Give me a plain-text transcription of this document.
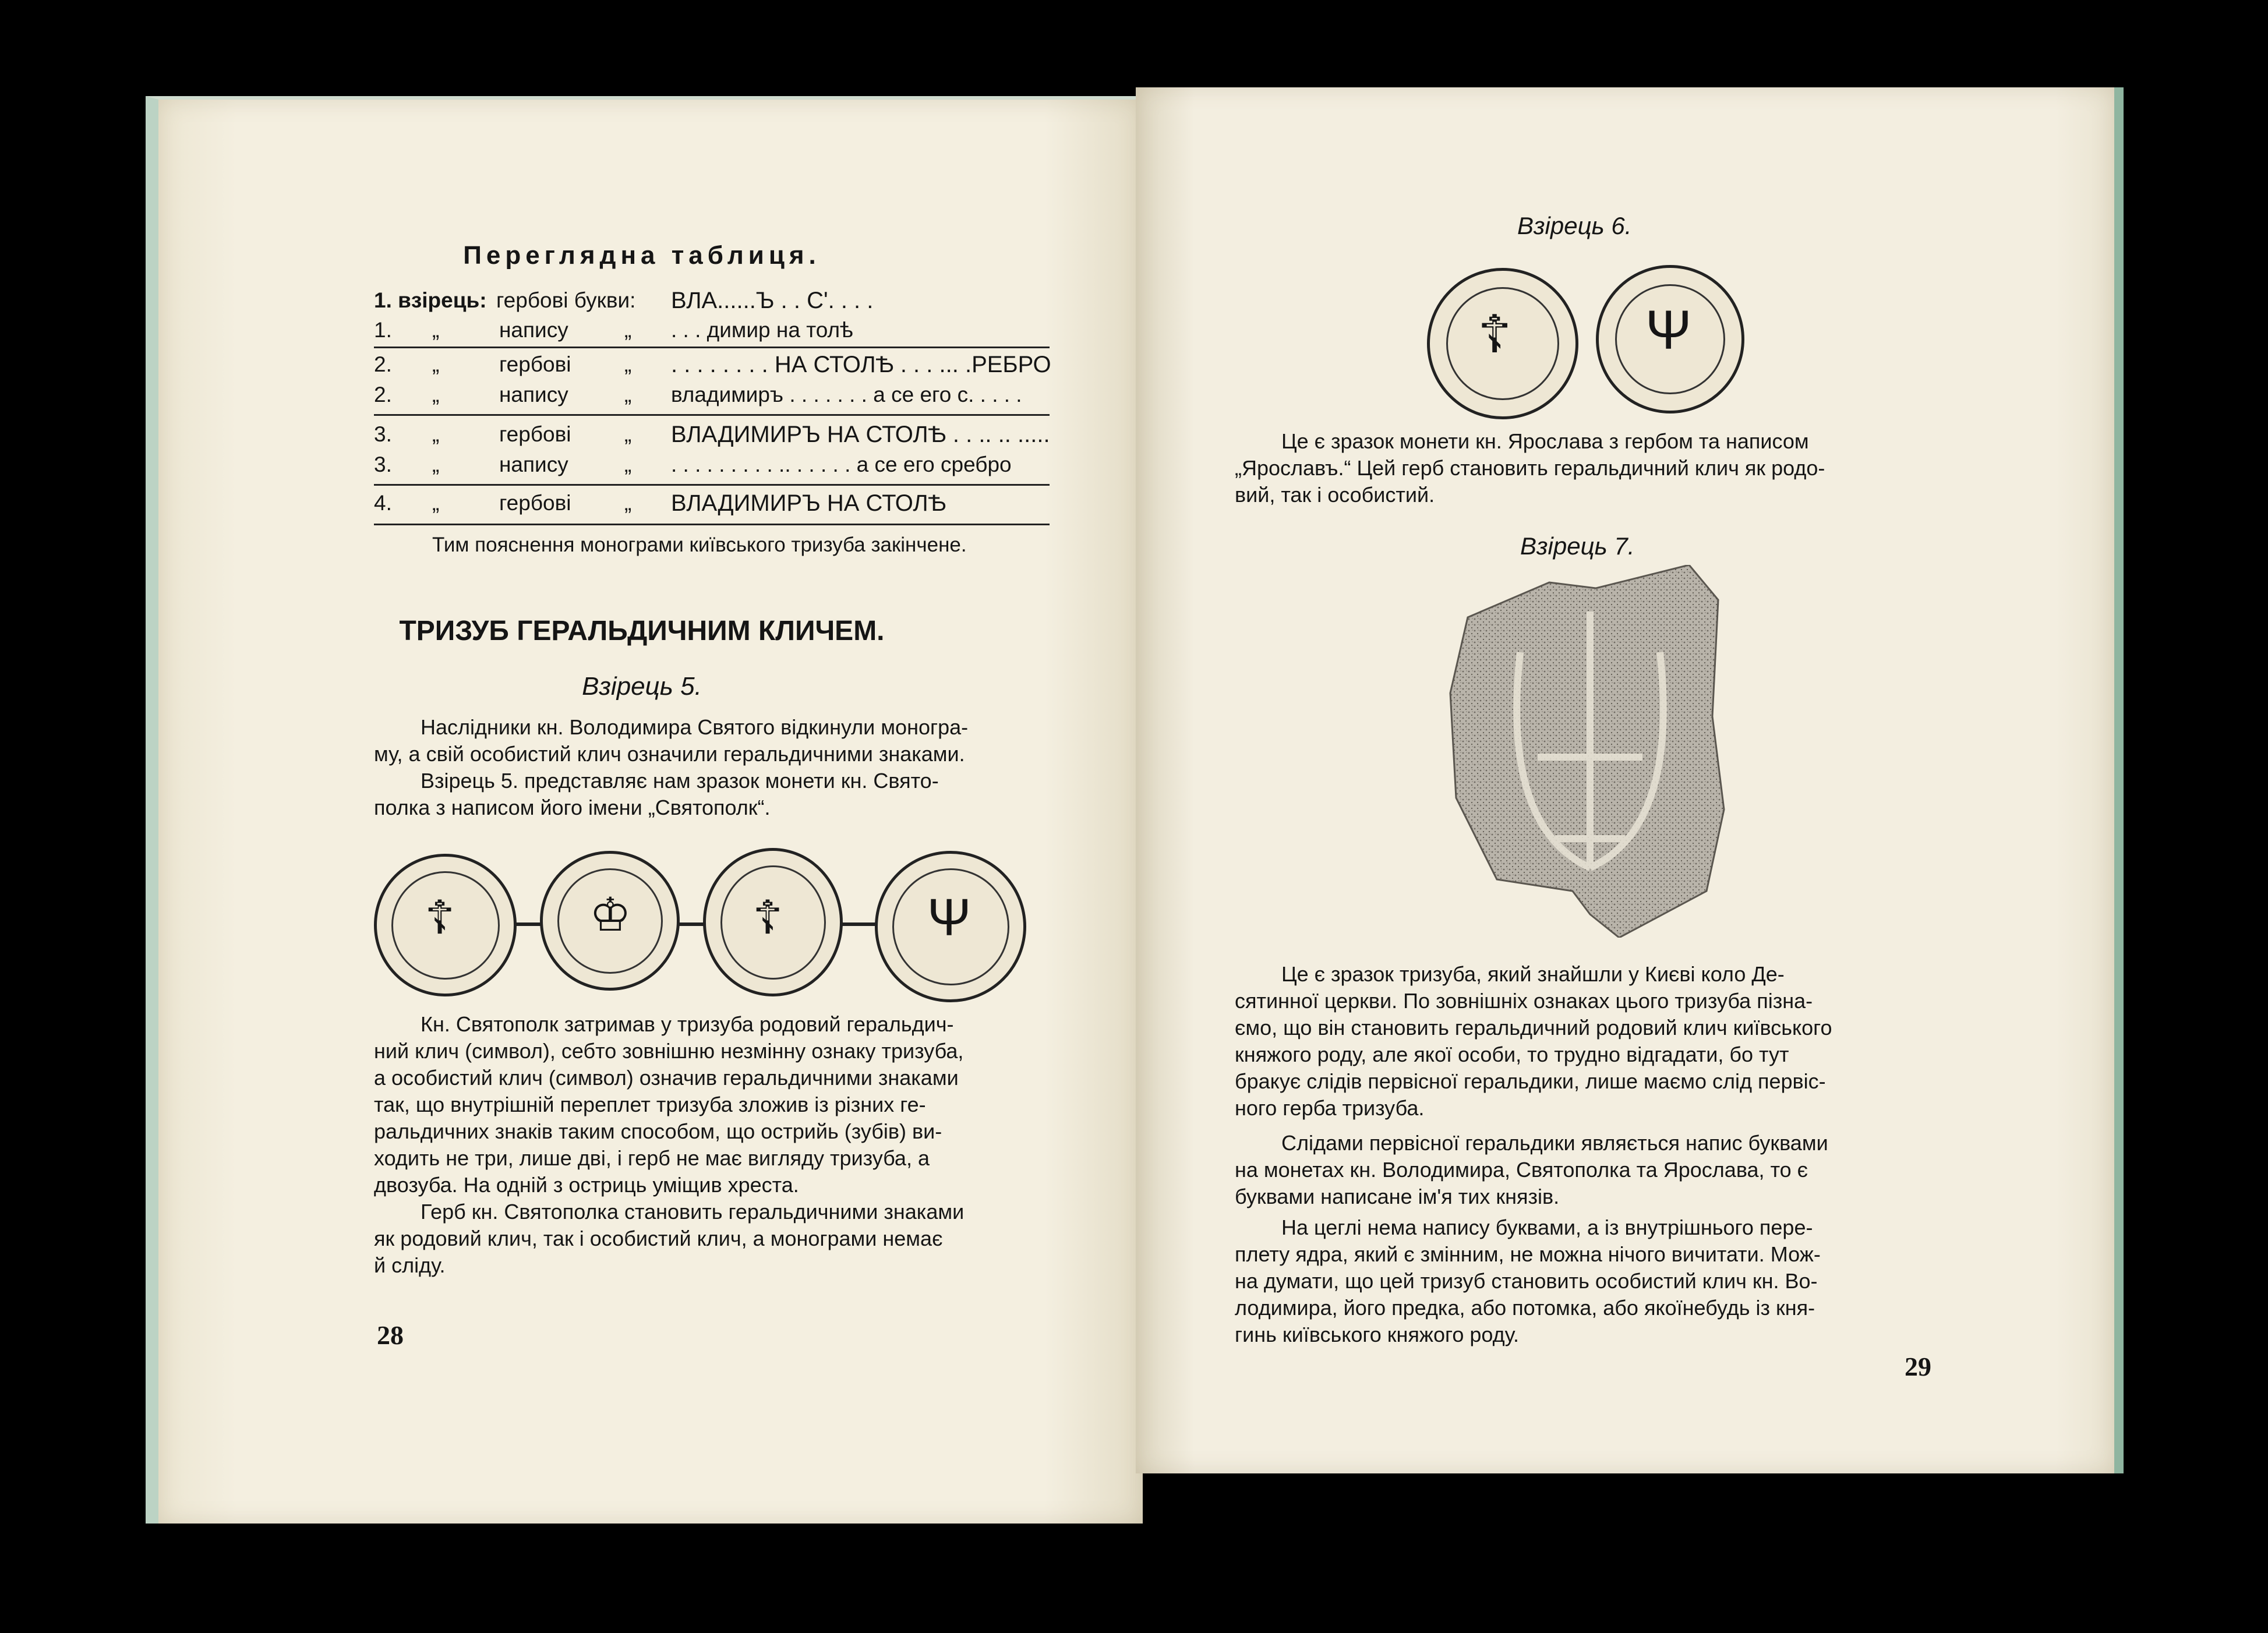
Переглядна таблиця.
1. взірець: гербові букви: ВЛА......Ъ . . С'. . . .
1. „	напису	„ . . . димир на толѣ
2. „	гербові „ . . . . . . . . НА СТОЛѢ . . . ... .РЕБРО
2. „	напису	„ владимиръ . . . . . . . а се его с. . . . .
3. „	гербові „ ВЛАДИМИРЪ НА СТОЛѢ . . .. .. .....
3. „	напису	„ . . . . . . . . . .. . . . . . а се его сребро
4. „	гербові „ ВЛАДИМИРЪ НА СТОЛѢ
Тим пояснення монограми київського тризуба закінчене.
ТРИЗУБ ГЕРАЛЬДИЧНИМ КЛИЧЕМ.
Взірець 5.
Наслідники кн. Володимира Святого відкинули моногра-
му, а свій особистий клич означили геральдичними знаками.
Взірець 5. представляє нам зразок монети кн. Свято-
полка з написом його імени „Святополк“.
☦	♔	☦	Ψ
Кн. Святополк затримав у тризуба родовий геральдич-
ний клич (символ), себто зовнішню незмінну ознаку тризуба,
а особистий клич (символ) означив геральдичними знаками
так, що внутрішній переплет тризуба зложив із різних ге-
ральдичних знаків таким способом, що острийь (зубів) ви-
ходить не три, лише дві, і герб не має вигляду тризуба, а
двозуба. На одній з остриць уміщив хреста.
Герб кн. Святополка становить геральдичними знаками
як родовий клич, так і особистий клич, а монограми немає
й сліду.
28
Взірець 6.
☦ Ψ
Це є зразок монети кн. Ярослава з гербом та написом
„Ярославъ.“ Цей герб становить геральдичний клич як родо-
вий, так і особистий.
Взірець 7.
Це є зразок тризуба, який знайшли у Києві коло Де-
сятинної церкви. По зовнішніх ознаках цього тризуба пізна-
ємо, що він становить геральдичний родовий клич київського
княжого роду, але якої особи, то трудно відгадати, бо тут
бракує слідів первісної геральдики, лише маємо слід первіс-
ного герба тризуба.
Слідами первісної геральдики являється напис буквами
на монетах кн. Володимира, Святополка та Ярослава, то є
буквами написане ім'я тих князів.
На цеглі нема напису буквами, а із внутрішнього пере-
плету ядра, який є змінним, не можна нічого вичитати. Мож-
на думати, що цей тризуб становить особистий клич кн. Во-
лодимира, його предка, або потомка, або якоїнебудь із кня-
гинь київського княжого роду.
29
